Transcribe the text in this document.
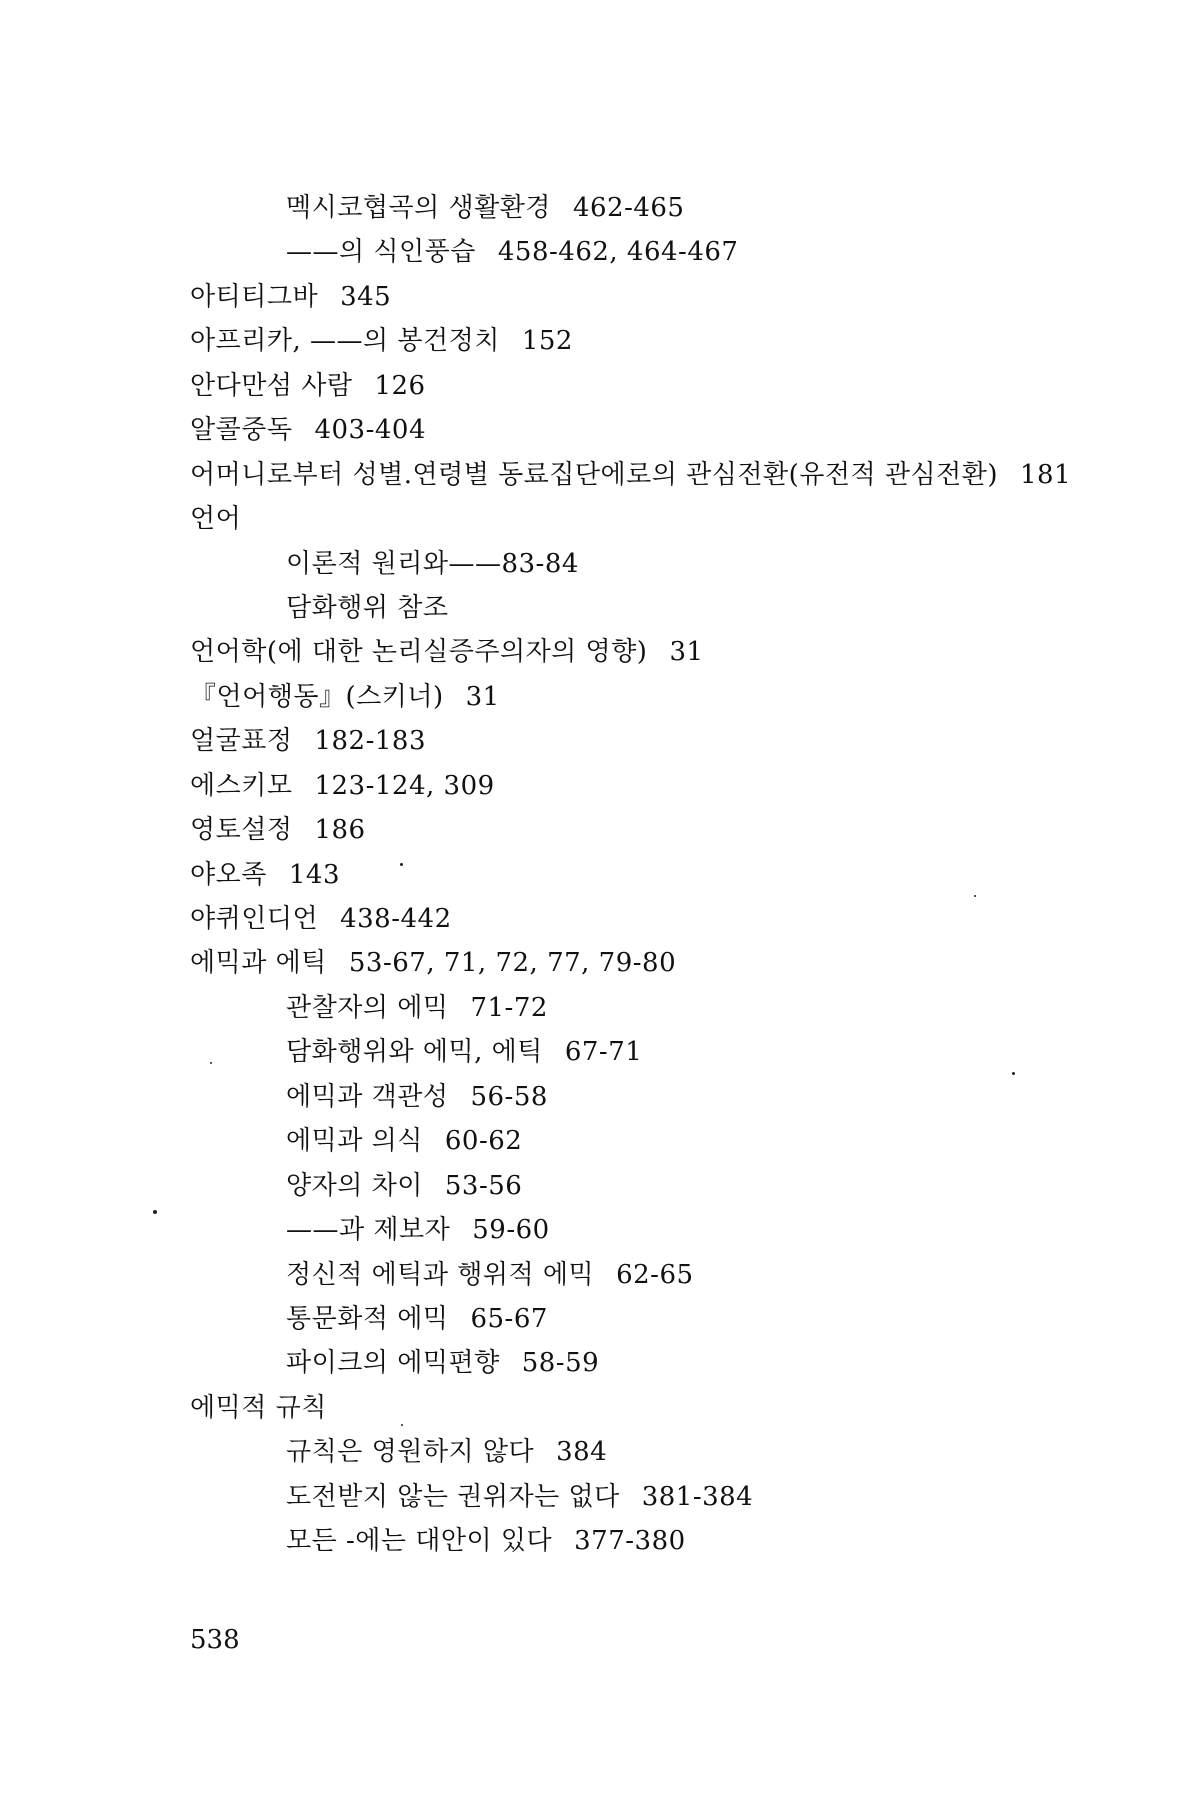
멕시코협곡의 생활환경 462-465
——의 식인풍습 458-462, 464-467
아티티그바 345
아프리카, ——의 봉건정치 152
안다만섬 사람 126
알콜중독 403-404
어머니로부터 성별.연령별 동료집단에로의 관심전환(유전적 관심전환) 181
언어
이론적 원리와——83-84
담화행위 참조
언어학(에 대한 논리실증주의자의 영향) 31
『언어행동』(스키너) 31
얼굴표정 182-183
에스키모 123-124, 309
영토설정 186
야오족 143
야퀴인디언 438-442
에믹과 에틱 53-67, 71, 72, 77, 79-80
관찰자의 에믹 71-72
담화행위와 에믹, 에틱 67-71
에믹과 객관성 56-58
에믹과 의식 60-62
양자의 차이 53-56
——과 제보자 59-60
정신적 에틱과 행위적 에믹 62-65
통문화적 에믹 65-67
파이크의 에믹편향 58-59
에믹적 규칙
규칙은 영원하지 않다 384
도전받지 않는 권위자는 없다 381-384
모든 -에는 대안이 있다 377-380
538
